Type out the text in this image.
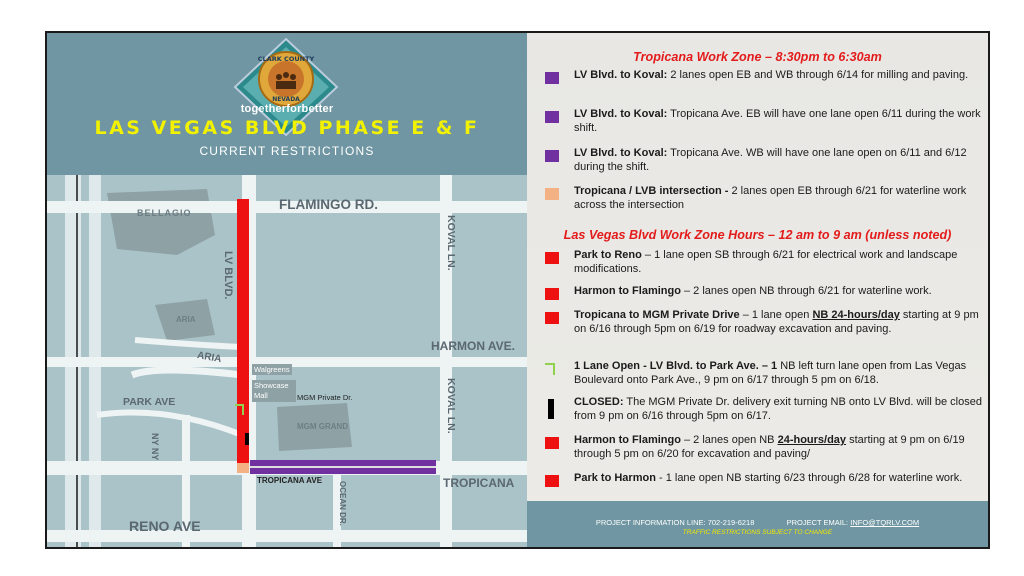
CLARK COUNTY
NEVADA
togetherforbetter
LAS VEGAS BLVD PHASE E & F
CURRENT RESTRICTIONS
BELLAGIO
FLAMINGO RD.
LV BLVD.
KOVAL LN.
ARIA
ARIA
HARMON AVE.
Walgreens
Showcase Mall	MGM Private Dr.
PARK AVE
NY NY
MGM GRAND	KOVAL LN.
TROPICANA AVE
OCEAN DR.	TROPICANA
RENO AVE
Tropicana Work Zone – 8:30pm to 6:30am
LV Blvd. to Koval: 2 lanes open EB and WB through 6/14 for milling and paving.
LV Blvd. to Koval: Tropicana Ave. EB will have one lane open 6/11 during the work shift.
LV Blvd. to Koval: Tropicana Ave. WB will have one lane open on 6/11 and 6/12 during the shift.
Tropicana / LVB intersection - 2 lanes open EB through 6/21 for waterline work across the intersection
Las Vegas Blvd Work Zone Hours – 12 am to 9 am (unless noted)
Park to Reno – 1 lane open SB through 6/21 for electrical work and landscape modifications.
Harmon to Flamingo – 2 lanes open NB through 6/21 for waterline work.
Tropicana to MGM Private Drive – 1 lane open NB 24-hours/day starting at 9 pm on 6/16 through 5pm on 6/19 for roadway excavation and paving.
1 Lane Open - LV Blvd. to Park Ave. – 1 NB left turn lane open from Las Vegas Boulevard onto Park Ave., 9 pm on 6/17 through 5 pm on 6/18.
CLOSED: The MGM Private Dr. delivery exit turning NB onto LV Blvd. will be closed from 9 pm on 6/16 through 5pm on 6/17.
Harmon to Flamingo – 2 lanes open NB 24-hours/day starting at 9 pm on 6/19 through 5 pm on 6/20 for excavation and paving/
Park to Harmon - 1 lane open NB starting 6/23 through 6/28 for waterline work.
PROJECT INFORMATION LINE: 702-219-6218	PROJECT EMAIL: INFO@TQRLV.COM
TRAFFIC RESTRICTIONS SUBJECT TO CHANGE
